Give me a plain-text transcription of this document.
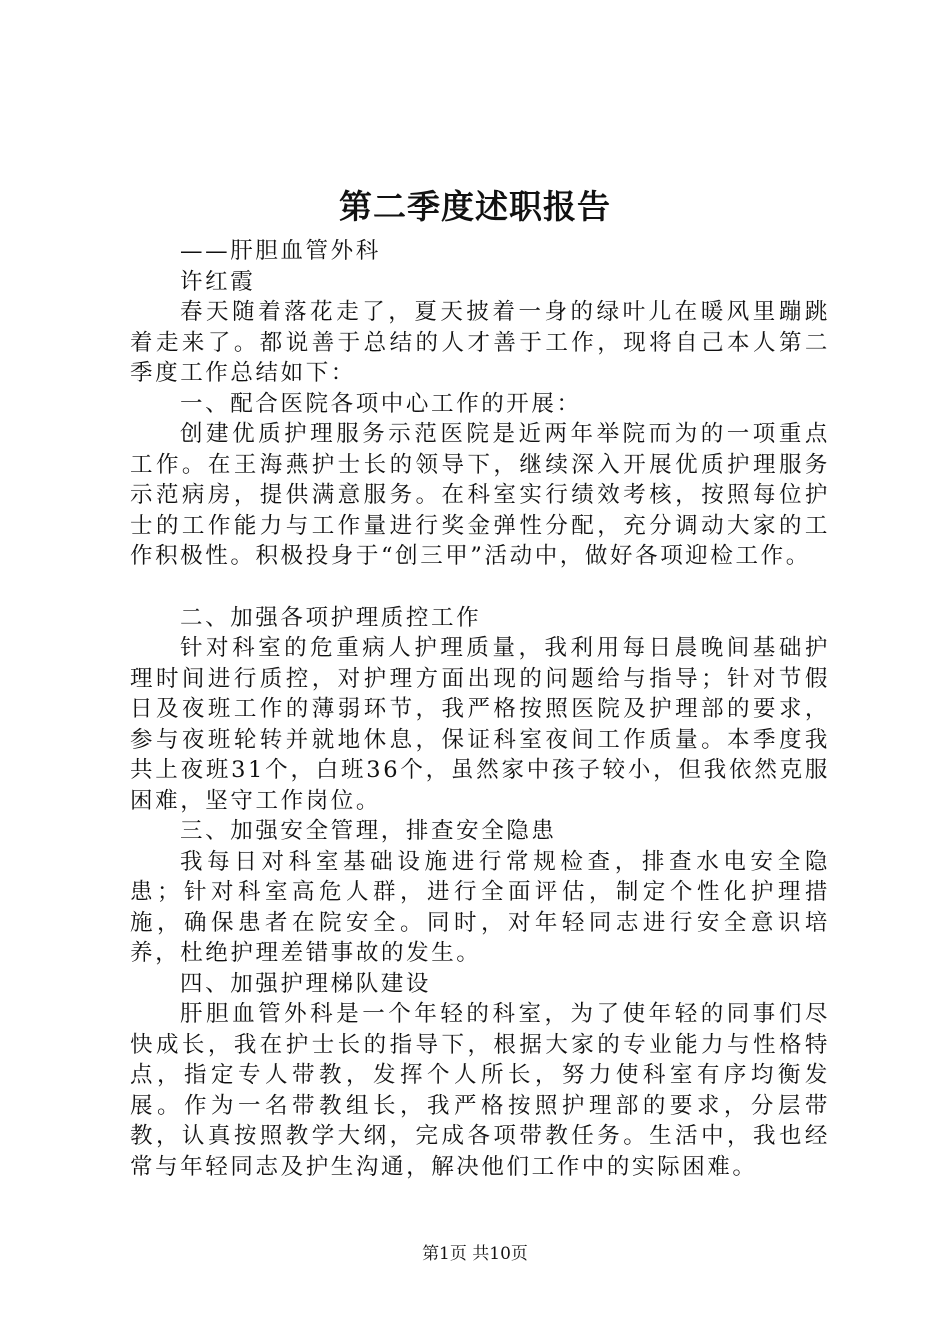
第二季度述职报告

——肝胆血管外科

许红霞

春天随着落花走了，夏天披着一身的绿叶儿在暖风里蹦跳着走来了。都说善于总结的人才善于工作，现将自己本人第二季度工作总结如下：

一、配合医院各项中心工作的开展：

创建优质护理服务示范医院是近两年举院而为的一项重点工作。在王海燕护士长的领导下，继续深入开展优质护理服务示范病房，提供满意服务。在科室实行绩效考核，按照每位护士的工作能力与工作量进行奖金弹性分配，充分调动大家的工作积极性。积极投身于“创三甲”活动中，做好各项迎检工作。

二、加强各项护理质控工作

针对科室的危重病人护理质量，我利用每日晨晚间基础护理时间进行质控，对护理方面出现的问题给与指导；针对节假日及夜班工作的薄弱环节，我严格按照医院及护理部的要求，参与夜班轮转并就地休息，保证科室夜间工作质量。本季度我共上夜班31个，白班36个，虽然家中孩子较小，但我依然克服困难，坚守工作岗位。

三、加强安全管理，排查安全隐患

我每日对科室基础设施进行常规检查，排查水电安全隐患；针对科室高危人群，进行全面评估，制定个性化护理措施，确保患者在院安全。同时，对年轻同志进行安全意识培养，杜绝护理差错事故的发生。

四、加强护理梯队建设

肝胆血管外科是一个年轻的科室，为了使年轻的同事们尽快成长，我在护士长的指导下，根据大家的专业能力与性格特点，指定专人带教，发挥个人所长，努力使科室有序均衡发展。作为一名带教组长，我严格按照护理部的要求，分层带教，认真按照教学大纲，完成各项带教任务。生活中，我也经常与年轻同志及护生沟通，解决他们工作中的实际困难。

第1页 共10页
